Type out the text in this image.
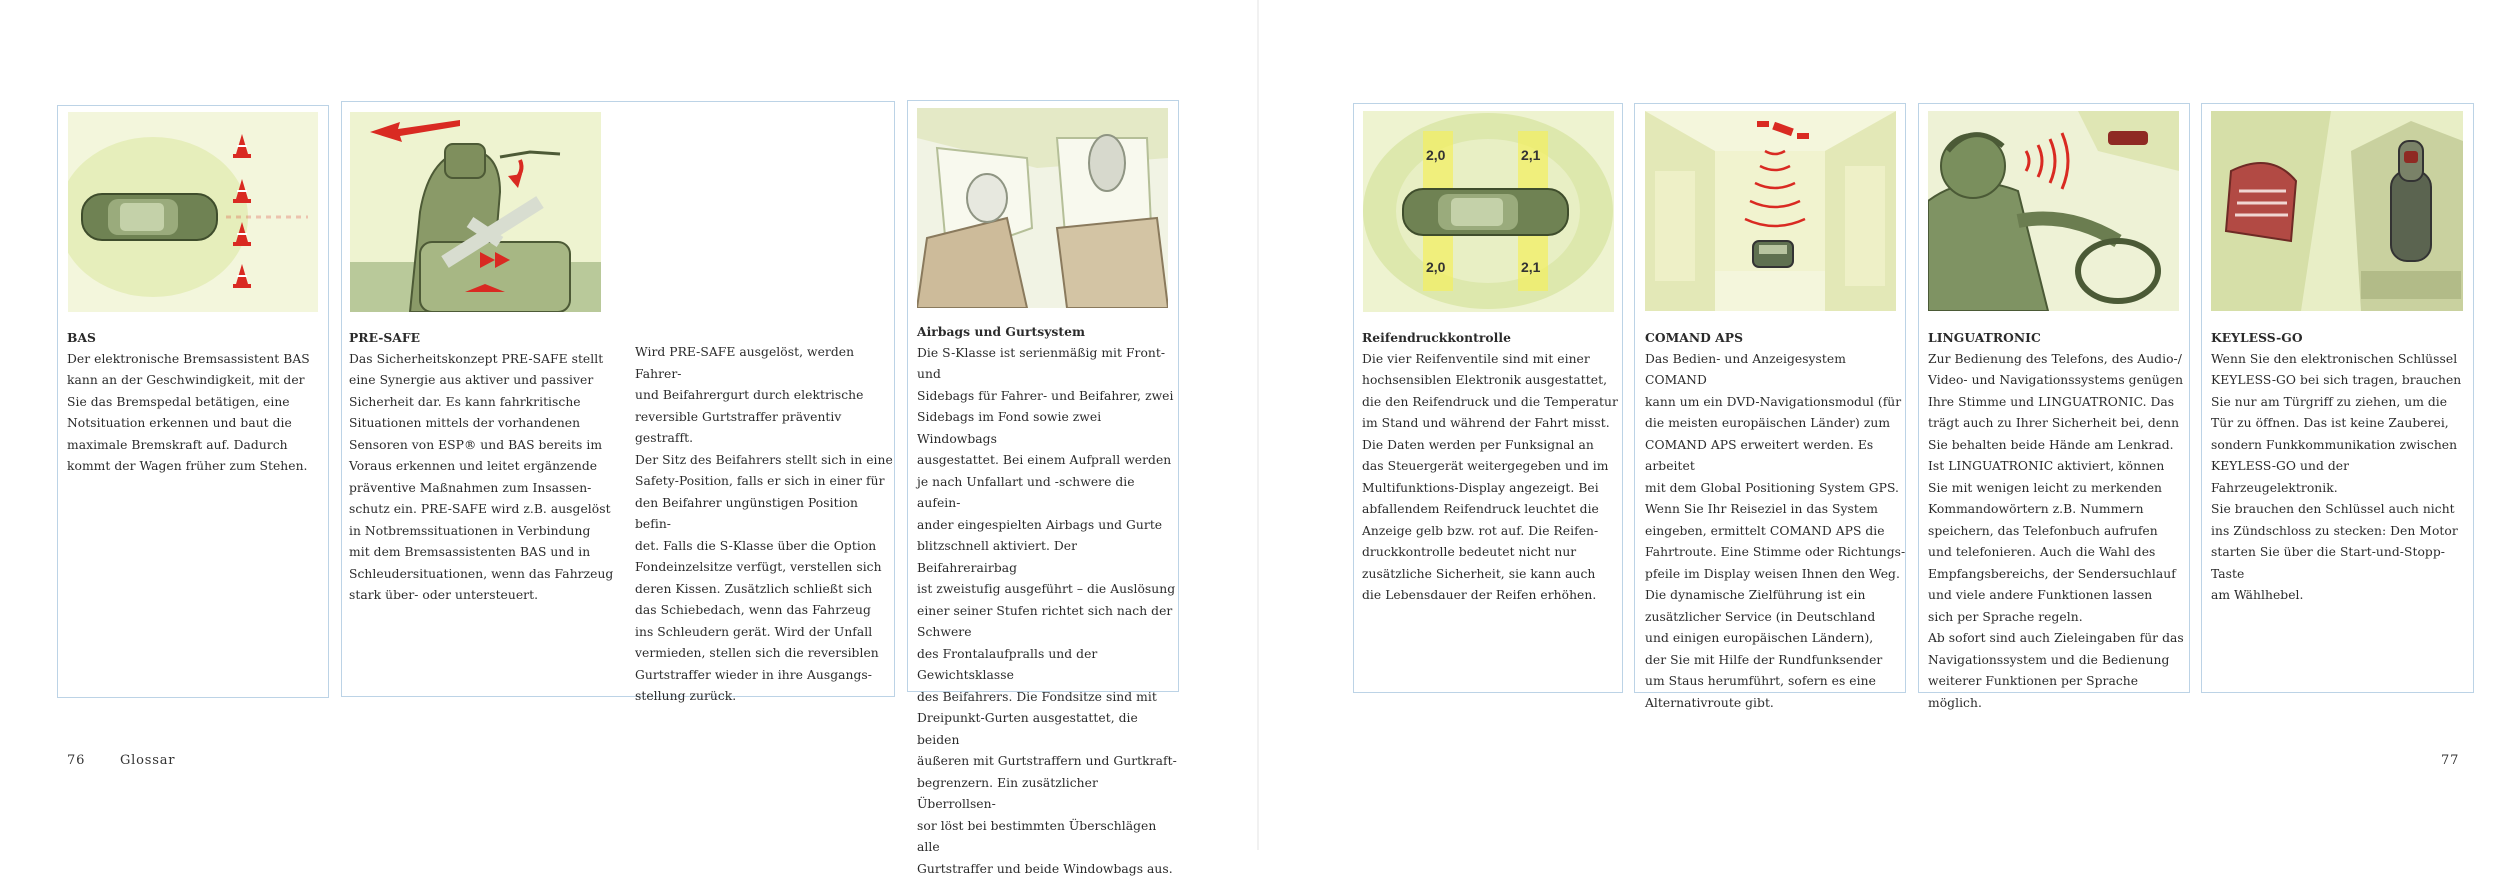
BAS
Der elektronische Bremsassistent BAS
kann an der Geschwindigkeit, mit der
Sie das Bremspedal betätigen, eine
Notsituation erkennen und baut die
maximale Bremskraft auf. Dadurch
kommt der Wagen früher zum Stehen.
PRE-SAFE
Das Sicherheitskonzept PRE-SAFE stellt
eine Synergie aus aktiver und passiver
Sicherheit dar. Es kann fahrkritische
Situationen mittels der vorhandenen
Sensoren von ESP® und BAS bereits im
Voraus erkennen und leitet ergänzende
präventive Maßnahmen zum Insassen-
schutz ein. PRE-SAFE wird z.B. ausgelöst
in Notbremssituationen in Verbindung
mit dem Bremsassistenten BAS und in
Schleudersituationen, wenn das Fahrzeug
stark über- oder untersteuert.
Wird PRE-SAFE ausgelöst, werden Fahrer-
und Beifahrergurt durch elektrische
reversible Gurtstraffer präventiv gestrafft.
Der Sitz des Beifahrers stellt sich in eine
Safety-Position, falls er sich in einer für
den Beifahrer ungünstigen Position befin-
det. Falls die S-Klasse über die Option
Fondeinzelsitze verfügt, verstellen sich
deren Kissen. Zusätzlich schließt sich
das Schiebedach, wenn das Fahrzeug
ins Schleudern gerät. Wird der Unfall
vermieden, stellen sich die reversiblen
Gurtstraffer wieder in ihre Ausgangs-
stellung zurück.
Airbags und Gurtsystem
Die S-Klasse ist serienmäßig mit Front- und
Sidebags für Fahrer- und Beifahrer, zwei
Sidebags im Fond sowie zwei Windowbags
ausgestattet. Bei einem Aufprall werden
je nach Unfallart und -schwere die aufein-
ander eingespielten Airbags und Gurte
blitzschnell aktiviert. Der Beifahrerairbag
ist zweistufig ausgeführt – die Auslösung
einer seiner Stufen richtet sich nach der Schwere
des Frontalaufpralls und der Gewichtsklasse
des Beifahrers. Die Fondsitze sind mit
Dreipunkt-Gurten ausgestattet, die beiden
äußeren mit Gurtstraffern und Gurtkraft-
begrenzern. Ein zusätzlicher Überrollsen-
sor löst bei bestimmten Überschlägen alle
Gurtstraffer und beide Windowbags aus.
76	Glossar
2,0	2,1
2,0	2,1
Reifendruckkontrolle
Die vier Reifenventile sind mit einer
hochsensiblen Elektronik ausgestattet,
die den Reifendruck und die Temperatur
im Stand und während der Fahrt misst.
Die Daten werden per Funksignal an
das Steuergerät weitergegeben und im
Multifunktions-Display angezeigt. Bei
abfallendem Reifendruck leuchtet die
Anzeige gelb bzw. rot auf. Die Reifen-
druckkontrolle bedeutet nicht nur
zusätzliche Sicherheit, sie kann auch
die Lebensdauer der Reifen erhöhen.
COMAND APS
Das Bedien- und Anzeigesystem COMAND
kann um ein DVD-Navigationsmodul (für
die meisten europäischen Länder) zum
COMAND APS erweitert werden. Es arbeitet
mit dem Global Positioning System GPS.
Wenn Sie Ihr Reiseziel in das System
eingeben, ermittelt COMAND APS die
Fahrtroute. Eine Stimme oder Richtungs-
pfeile im Display weisen Ihnen den Weg.
Die dynamische Zielführung ist ein
zusätzlicher Service (in Deutschland
und einigen europäischen Ländern),
der Sie mit Hilfe der Rundfunksender
um Staus herumführt, sofern es eine
Alternativroute gibt.
LINGUATRONIC
Zur Bedienung des Telefons, des Audio-/
Video- und Navigationssystems genügen
Ihre Stimme und LINGUATRONIC. Das
trägt auch zu Ihrer Sicherheit bei, denn
Sie behalten beide Hände am Lenkrad.
Ist LINGUATRONIC aktiviert, können
Sie mit wenigen leicht zu merkenden
Kommandowörtern z.B. Nummern
speichern, das Telefonbuch aufrufen
und telefonieren. Auch die Wahl des
Empfangsbereichs, der Sendersuchlauf
und viele andere Funktionen lassen
sich per Sprache regeln.
Ab sofort sind auch Zieleingaben für das
Navigationssystem und die Bedienung
weiterer Funktionen per Sprache möglich.
KEYLESS-GO
Wenn Sie den elektronischen Schlüssel
KEYLESS-GO bei sich tragen, brauchen
Sie nur am Türgriff zu ziehen, um die
Tür zu öffnen. Das ist keine Zauberei,
sondern Funkkommunikation zwischen
KEYLESS-GO und der Fahrzeugelektronik.
Sie brauchen den Schlüssel auch nicht
ins Zündschloss zu stecken: Den Motor
starten Sie über die Start-und-Stopp-Taste
am Wählhebel.
77
